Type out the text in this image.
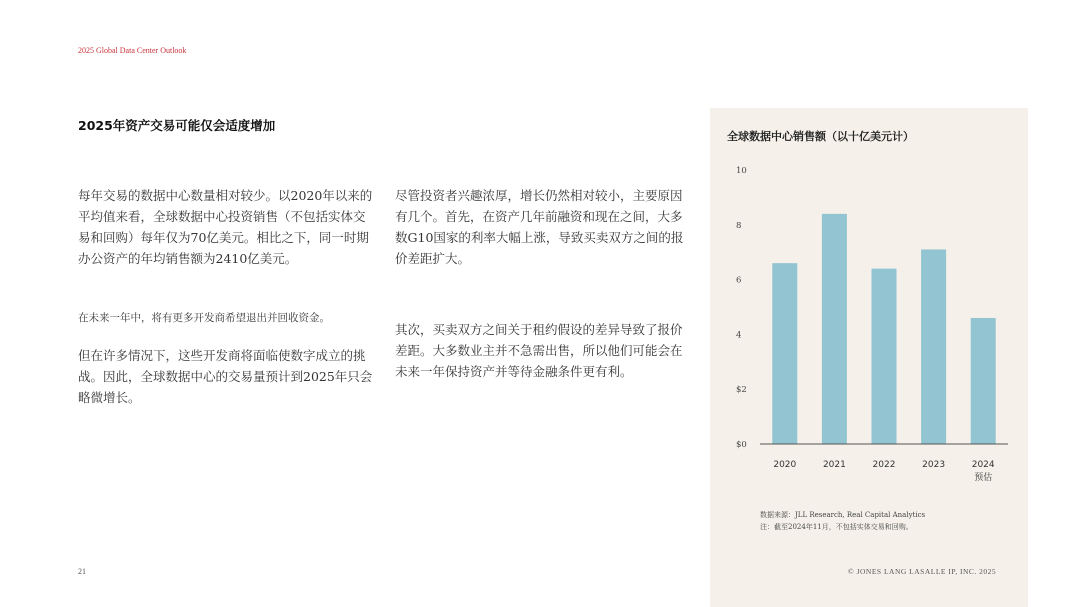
2025 Global Data Center Outlook
2025年资产交易可能仅会适度增加

每年交易的数据中心数量相对较少。以2020年以来的平均值来看，全球数据中心投资销售（不包括实体交易和回购）每年仅为70亿美元。相比之下，同一时期办公资产的年均销售额为2410亿美元。

在未来一年中，将有更多开发商希望退出并回收资金。

但在许多情况下，这些开发商将面临使数字成立的挑战。因此，全球数据中心的交易量预计到2025年只会略微增长。

尽管投资者兴趣浓厚，增长仍然相对较小，主要原因有几个。首先，在资产几年前融资和现在之间，大多数G10国家的利率大幅上涨，导致买卖双方之间的报价差距扩大。

其次，买卖双方之间关于租约假设的差异导致了报价差距。大多数业主并不急需出售，所以他们可能会在未来一年保持资产并等待金融条件更有利。

全球数据中心销售额（以十亿美元计）
$0
$2
4
6
8
10
2020	2021	2022	2023	2024
预估
数据来源：JLL Research, Real Capital Analytics
注：截至2024年11月，不包括实体交易和回购。
21	© JONES LANG LASALLE IP, INC. 2025
